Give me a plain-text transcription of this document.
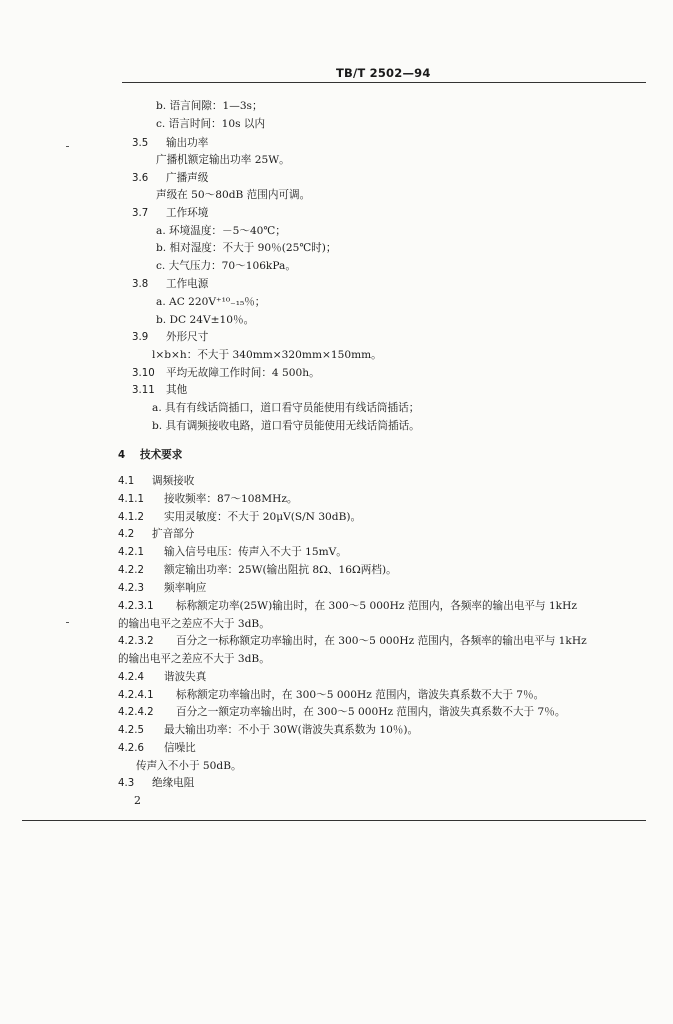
TB/T 2502—94
b. 语言间隙：1—3s；
c. 语言时间：10s 以内
3.5 输出功率
广播机额定输出功率 25W。
3.6 广播声级
声级在 50～80dB 范围内可调。
3.7 工作环境
a. 环境温度：－5～40℃；
b. 相对湿度：不大于 90％(25℃时)；
c. 大气压力：70～106kPa。
3.8 工作电源
a. AC 220V⁺¹⁰₋₁₅％；
b. DC 24V±10％。
3.9 外形尺寸
l×b×h：不大于 340mm×320mm×150mm。
3.10 平均无故障工作时间：4 500h。
3.11 其他
a. 具有有线话筒插口，道口看守员能使用有线话筒插话；
b. 具有调频接收电路，道口看守员能使用无线话筒插话。
4 技术要求
4.1 调频接收
4.1.1 接收频率：87～108MHz。
4.1.2 实用灵敏度：不大于 20μV(S/N 30dB)。
4.2 扩音部分
4.2.1 输入信号电压：传声入不大于 15mV。
4.2.2 额定输出功率：25W(输出阻抗 8Ω、16Ω两档)。
4.2.3 频率响应
4.2.3.1 标称额定功率(25W)输出时，在 300～5 000Hz 范围内，各频率的输出电平与 1kHz
的输出电平之差应不大于 3dB。
4.2.3.2 百分之一标称额定功率输出时，在 300～5 000Hz 范围内，各频率的输出电平与 1kHz
的输出电平之差应不大于 3dB。
4.2.4 谐波失真
4.2.4.1 标称额定功率输出时，在 300～5 000Hz 范围内，谐波失真系数不大于 7％。
4.2.4.2 百分之一额定功率输出时，在 300～5 000Hz 范围内，谐波失真系数不大于 7％。
4.2.5 最大输出功率：不小于 30W(谐波失真系数为 10％)。
4.2.6 信噪比
传声入不小于 50dB。
4.3 绝缘电阻
2
